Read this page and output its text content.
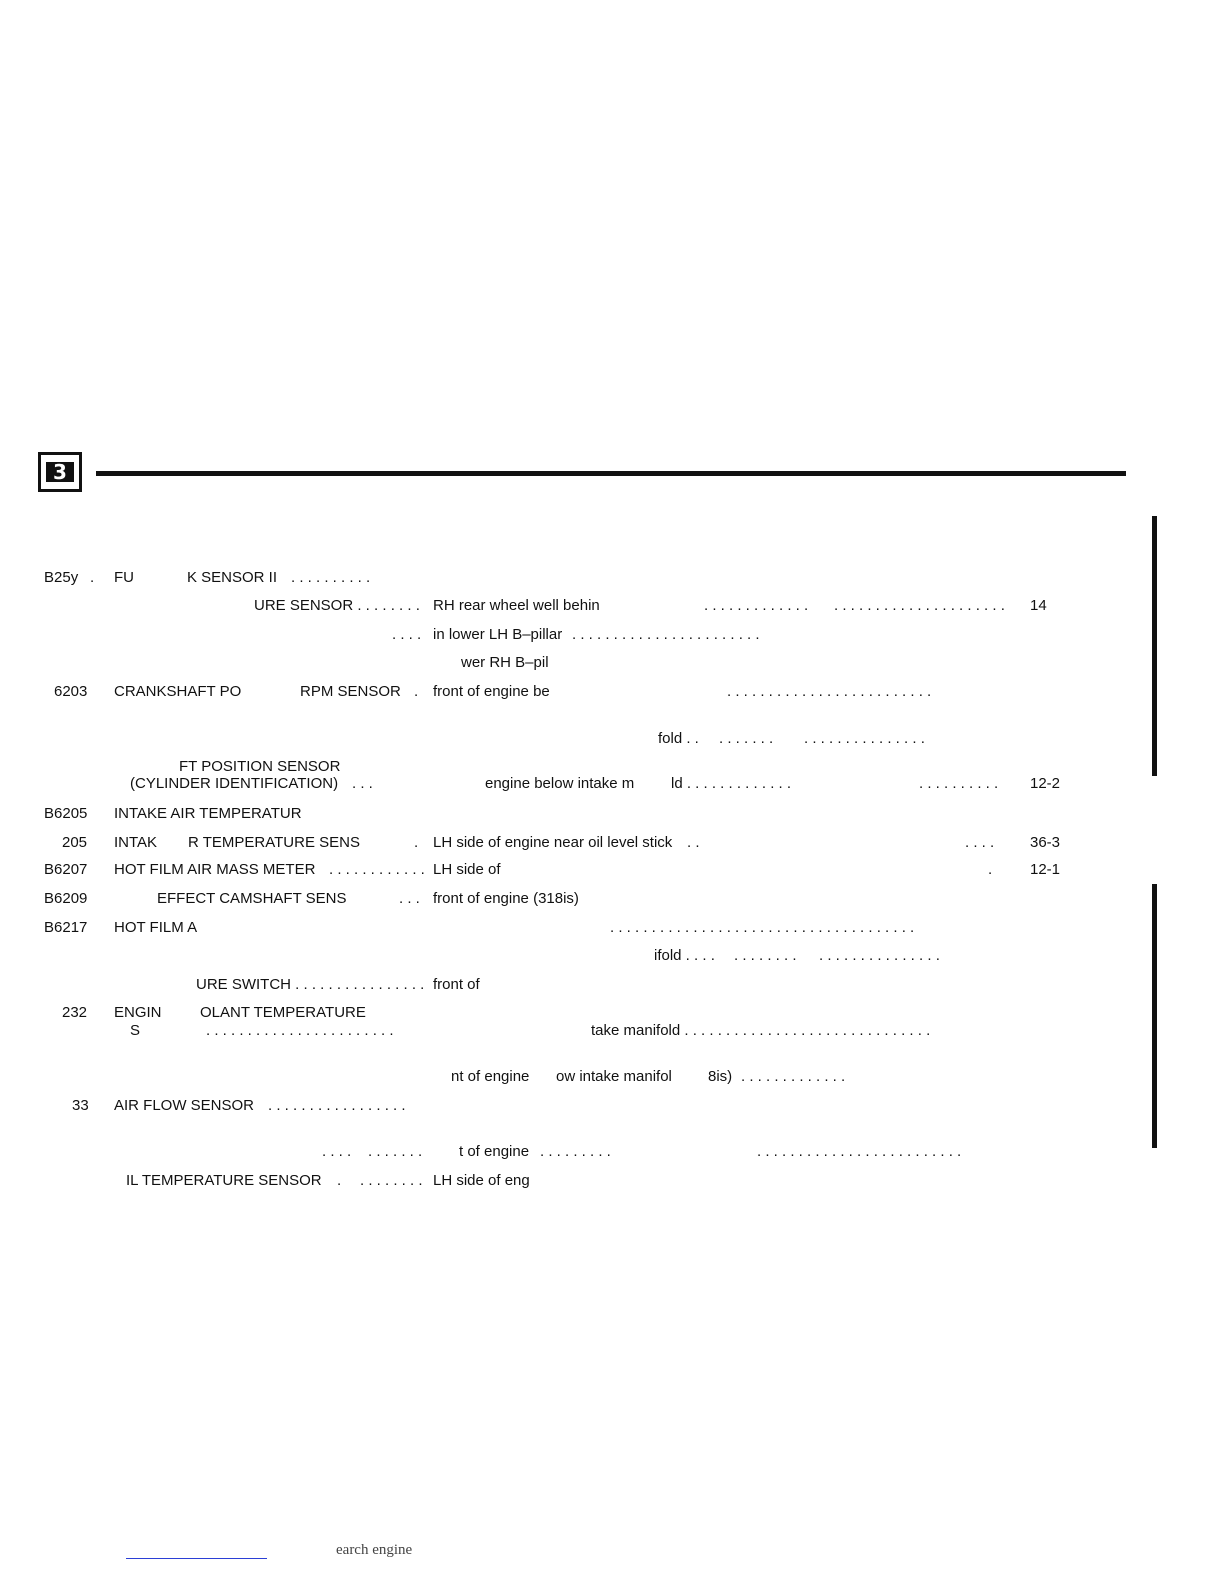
3
B25y . FU	K SENSOR II . . . . . . . . . .
URE SENSOR . . . . . . . . RH rear wheel well behin	. . . . . . . . . . . . . . . . . . . . . . . . . . . . . . . . . . 14
. . . . in lower LH B–pillar . . . . . . . . . . . . . . . . . . . . . . .
wer RH B–pil
6203 CRANKSHAFT PO	RPM SENSOR . front of engine be	. . . . . . . . . . . . . . . . . . . . . . . . .
fold . . . . . . . . . . . . . . . . . . . . . . . .
FT POSITION SENSOR
(CYLINDER IDENTIFICATION) . . .	engine below intake m ld . . . . . . . . . . . . .	. . . . . . . . . . 12-2
B6205 INTAKE AIR TEMPERATUR
205 INTAK R TEMPERATURE SENS	. LH side of engine near oil level stick . .	. . . . 36-3
B6207 HOT FILM AIR MASS METER . . . . . . . . . . . . LH side of	.	12-1
B6209	EFFECT CAMSHAFT SENS	. . . front of engine (318is)
B6217 HOT FILM A	. . . . . . . . . . . . . . . . . . . . . . . . . . . . . . . . . . . . .
ifold . . . . . . . . . . . . . . . . . . . . . . . . . . .
URE SWITCH . . . . . . . . . . . . . . . . front of
232 ENGIN	OLANT TEMPERATURE
S	. . . . . . . . . . . . . . . . . . . . . . .	take manifold . . . . . . . . . . . . . . . . . . . . . . . . . . . . . .
nt of engine ow intake manifol 8is) . . . . . . . . . . . . .
33 AIR FLOW SENSOR . . . . . . . . . . . . . . . . .
. . . . . . . . . . . t of engine . . . . . . . . .	. . . . . . . . . . . . . . . . . . . . . . . . .
IL TEMPERATURE SENSOR . . . . . . . . . LH side of eng
earch engine
